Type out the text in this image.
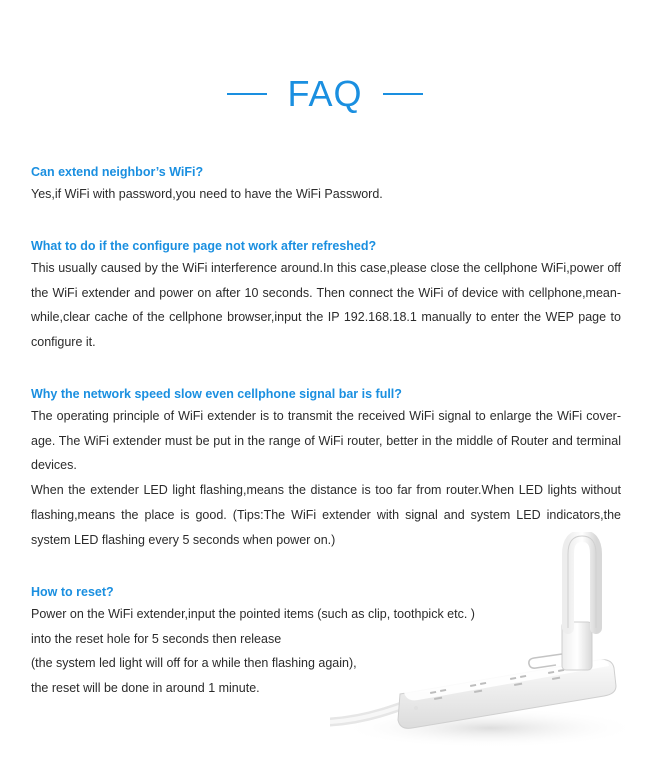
FAQ

Can extend neighbor’s WiFi?

Yes,if WiFi with password,you need to have the WiFi Password.

What to do if the configure page not work after refreshed?

This usually caused by the WiFi interference around.In this case,please close the cellphone WiFi,power off the WiFi extender and power on after 10 seconds. Then connect the WiFi of device with cellphone,mean-while,clear cache of the cellphone browser,input the IP 192.168.18.1 manually to enter the WEP page to configure it.

Why the network speed slow even cellphone signal bar is full?

The operating principle of WiFi extender is to transmit the received WiFi signal to enlarge the WiFi cover-age. The WiFi extender must be put in the range of WiFi router, better in the middle of Router and terminal devices.

When the extender LED light flashing,means the distance is too far from router.When LED lights without flashing,means the place is good. (Tips:The WiFi extender with signal and system LED indicators,the system LED flashing every 5 seconds when power on.)

How to reset?

Power on the WiFi extender,input the pointed items (such as clip, toothpick etc. )

into the reset hole for 5 seconds then release

(the system led light will off for a while then flashing again),

the reset will be done in around 1 minute.
